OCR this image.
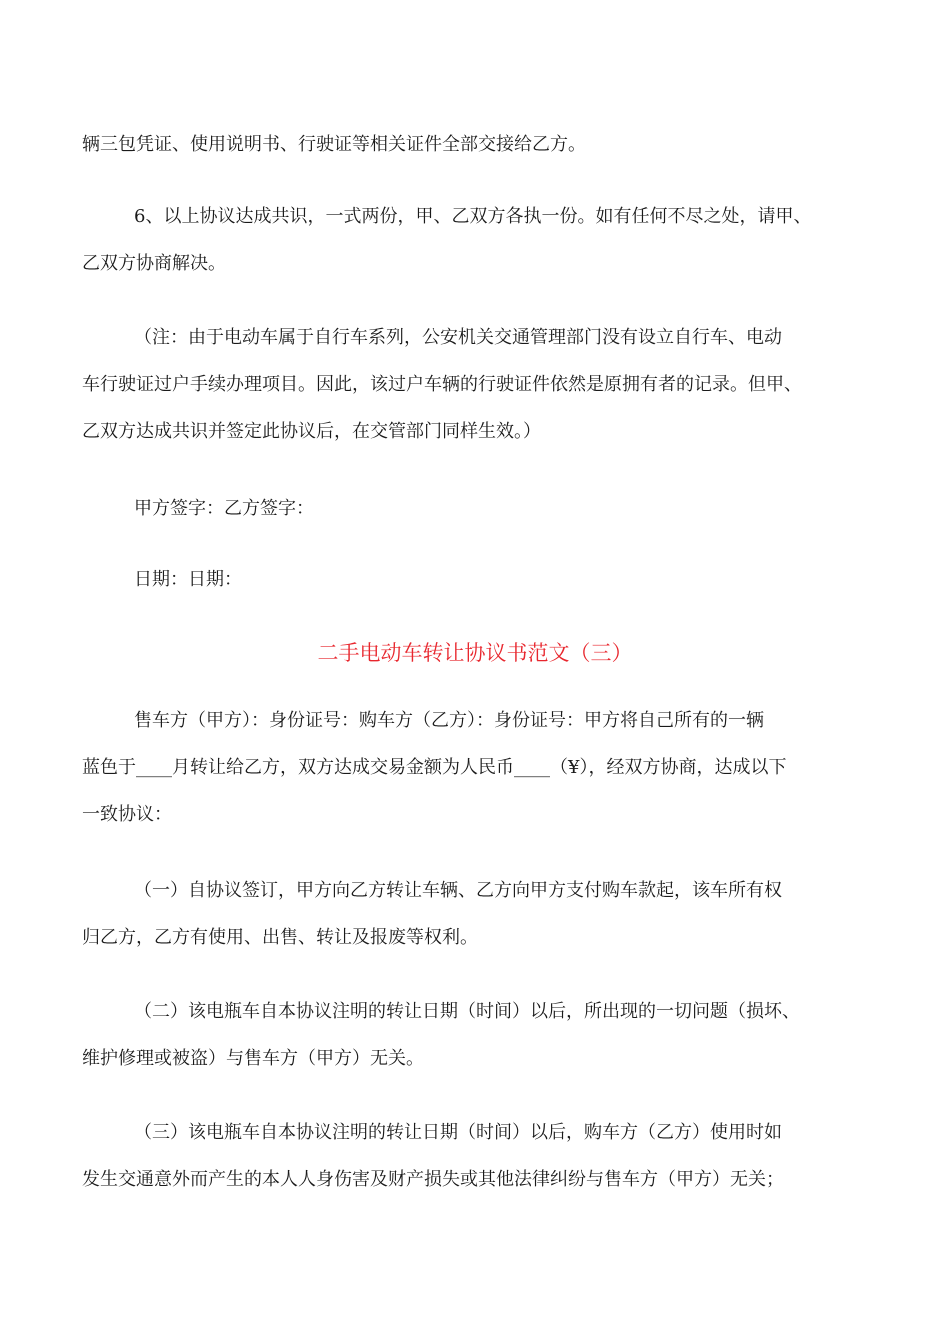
辆三包凭证、使用说明书、行驶证等相关证件全部交接给乙方。

6、以上协议达成共识，一式两份，甲、乙双方各执一份。如有任何不尽之处，请甲、
乙双方协商解决。

（注：由于电动车属于自行车系列，公安机关交通管理部门没有设立自行车、电动
车行驶证过户手续办理项目。因此，该过户车辆的行驶证件依然是原拥有者的记录。但甲、
乙双方达成共识并签定此协议后，在交管部门同样生效。）

甲方签字：乙方签字：

日期：日期：

二手电动车转让协议书范文（三）

售车方（甲方）：身份证号：购车方（乙方）：身份证号：甲方将自己所有的一辆
蓝色于____月转让给乙方，双方达成交易金额为人民币____（¥），经双方协商，达成以下
一致协议：

（一）自协议签订，甲方向乙方转让车辆、乙方向甲方支付购车款起，该车所有权
归乙方，乙方有使用、出售、转让及报废等权利。

（二）该电瓶车自本协议注明的转让日期（时间）以后，所出现的一切问题（损坏、
维护修理或被盗）与售车方（甲方）无关。

（三）该电瓶车自本协议注明的转让日期（时间）以后，购车方（乙方）使用时如
发生交通意外而产生的本人人身伤害及财产损失或其他法律纠纷与售车方（甲方）无关；
